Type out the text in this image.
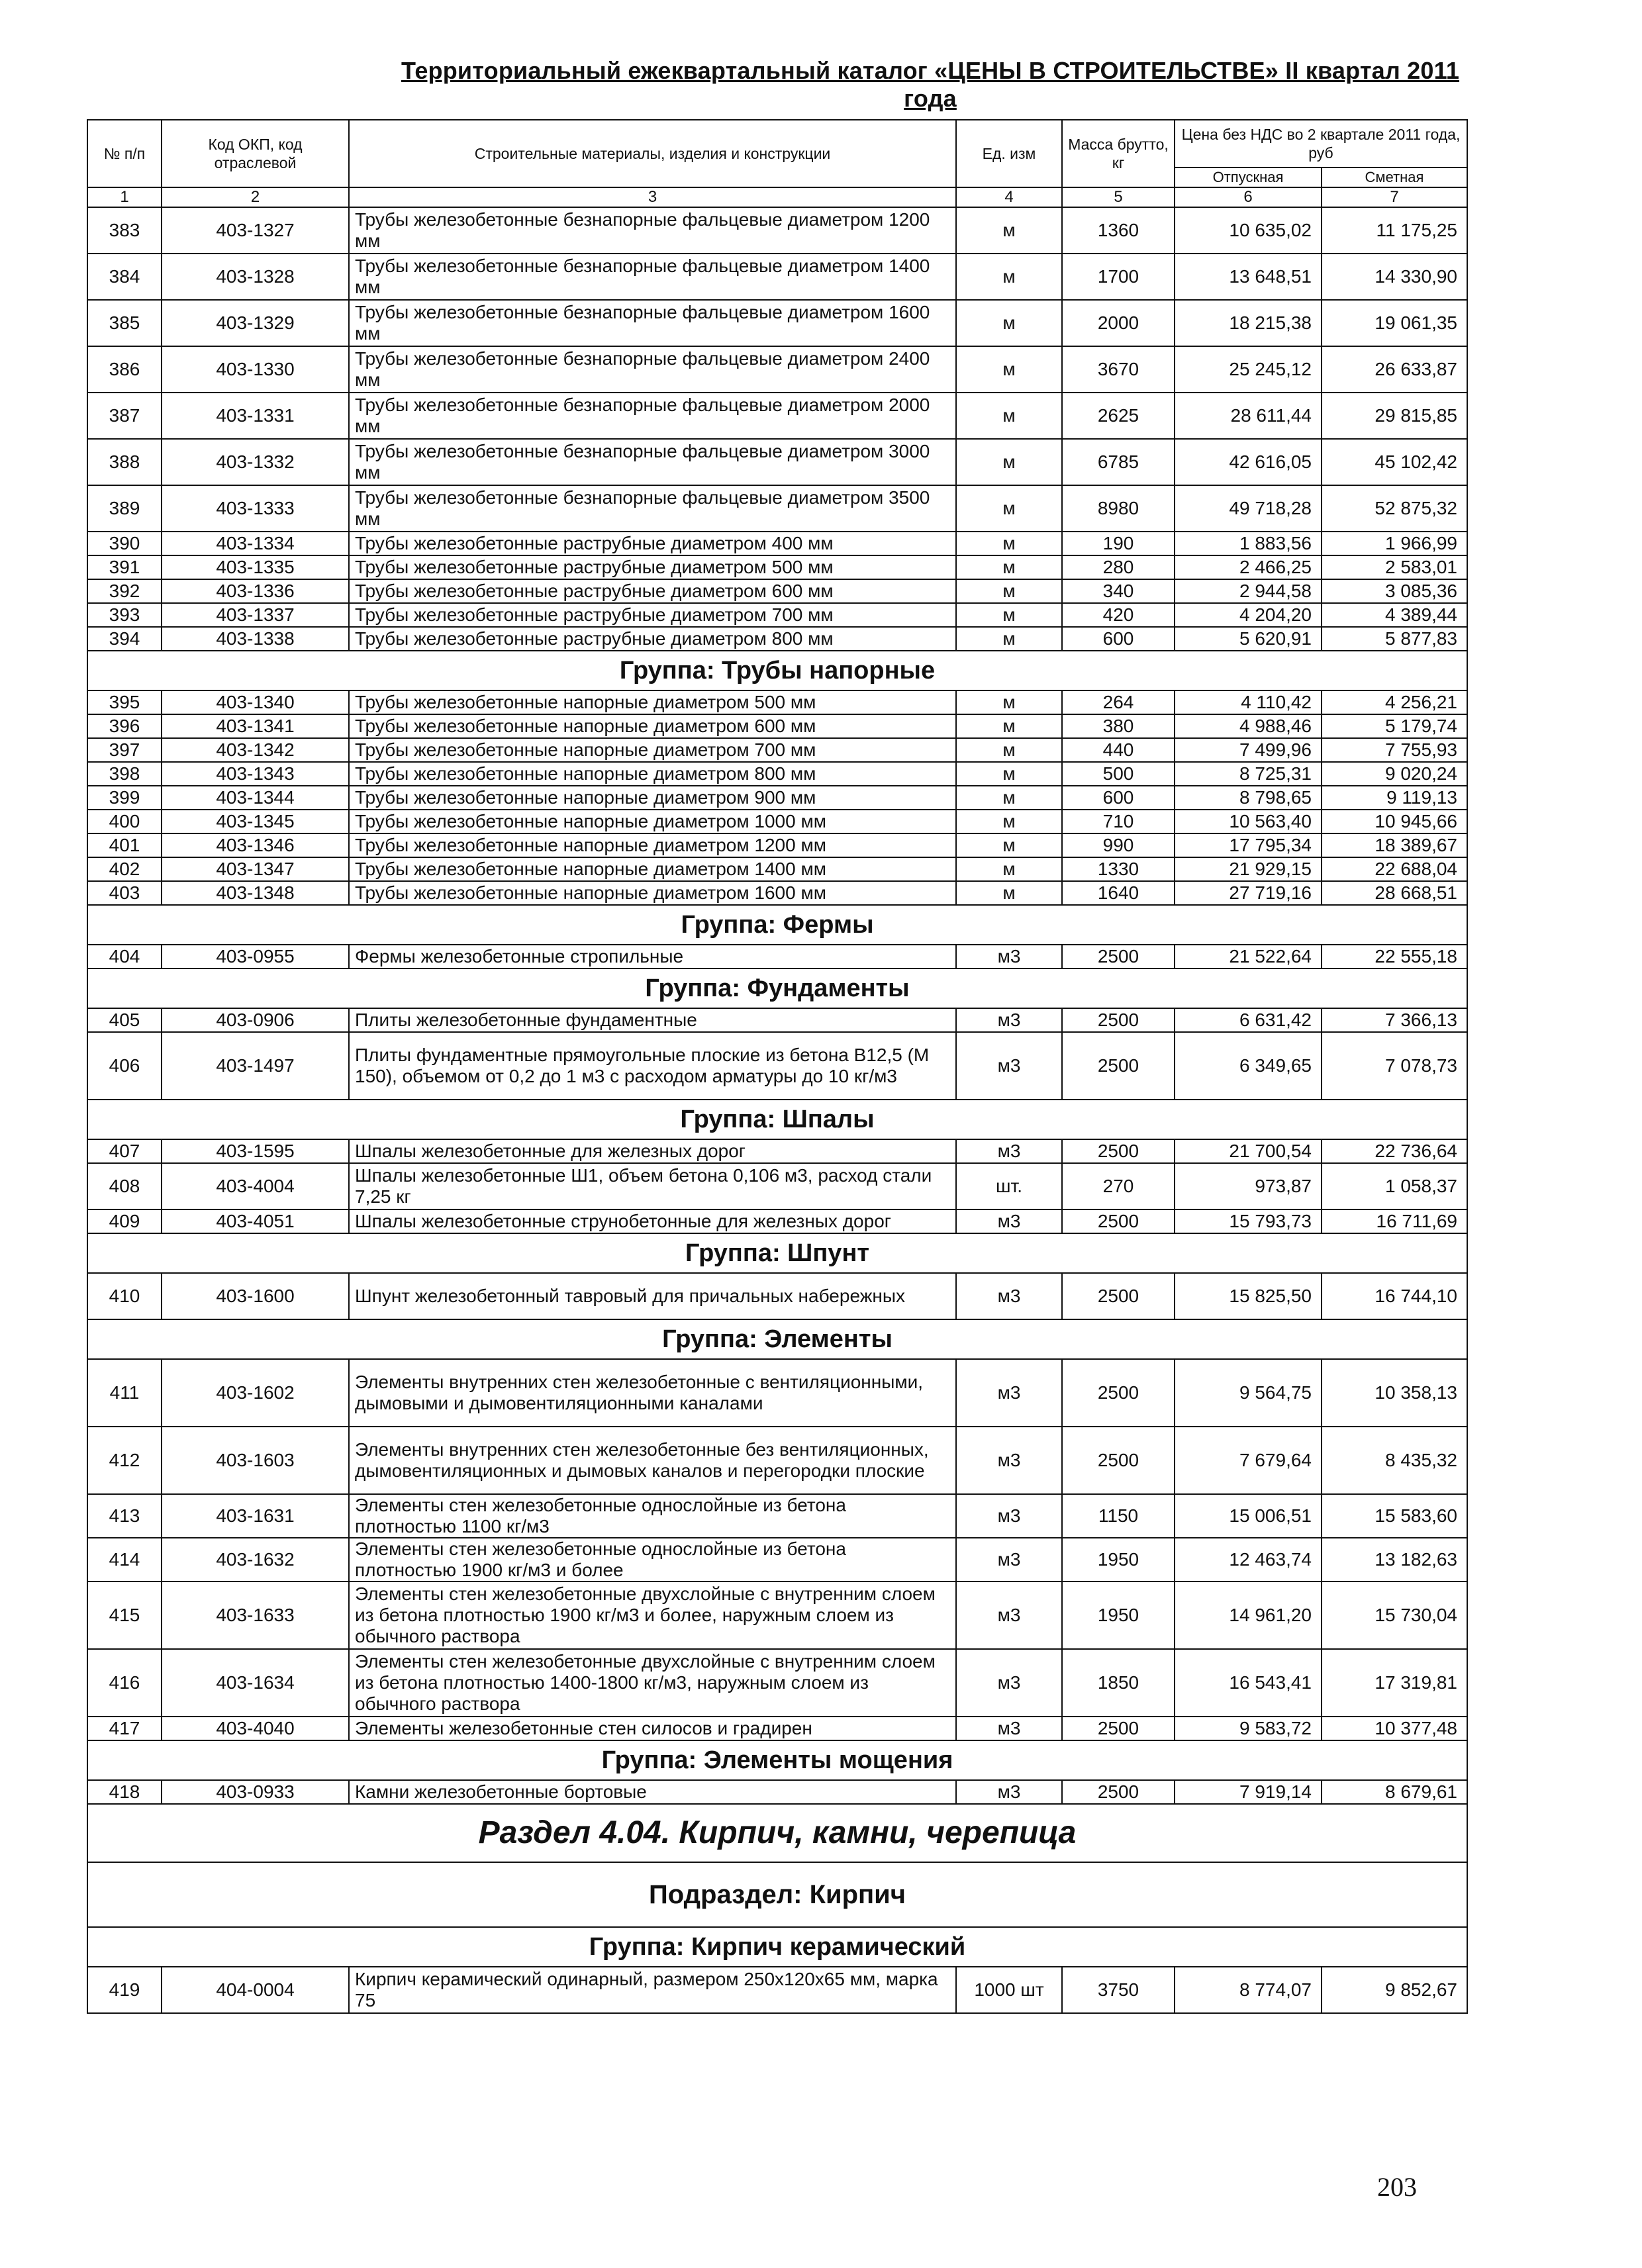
Территориальный ежеквартальный каталог «ЦЕНЫ В СТРОИТЕЛЬСТВЕ» II квартал 2011 года
№ п/п	Код ОКП, код отраслевой	Строительные материалы, изделия и конструкции	Ед. изм	Масса брутто, кг	Цена без НДС во 2 квартале 2011 года, руб	
					Отпускная	Сметная
1	2	3	4	5	6	7
383	403-1327	Трубы железобетонные безнапорные фальцевые диаметром 1200 мм	м	1360	10 635,02	11 175,25
384	403-1328	Трубы железобетонные безнапорные фальцевые диаметром 1400 мм	м	1700	13 648,51	14 330,90
385	403-1329	Трубы железобетонные безнапорные фальцевые диаметром 1600 мм	м	2000	18 215,38	19 061,35
386	403-1330	Трубы железобетонные безнапорные фальцевые диаметром 2400 мм	м	3670	25 245,12	26 633,87
387	403-1331	Трубы железобетонные безнапорные фальцевые диаметром 2000 мм	м	2625	28 611,44	29 815,85
388	403-1332	Трубы железобетонные безнапорные фальцевые диаметром 3000 мм	м	6785	42 616,05	45 102,42
389	403-1333	Трубы железобетонные безнапорные фальцевые диаметром 3500 мм	м	8980	49 718,28	52 875,32
390	403-1334	Трубы железобетонные раструбные диаметром 400 мм	м	190	1 883,56	1 966,99
391	403-1335	Трубы железобетонные раструбные диаметром 500 мм	м	280	2 466,25	2 583,01
392	403-1336	Трубы железобетонные раструбные диаметром 600 мм	м	340	2 944,58	3 085,36
393	403-1337	Трубы железобетонные раструбные диаметром 700 мм	м	420	4 204,20	4 389,44
394	403-1338	Трубы железобетонные раструбные диаметром 800 мм	м	600	5 620,91	5 877,83
Группа: Трубы напорные						
395	403-1340	Трубы железобетонные напорные диаметром 500 мм	м	264	4 110,42	4 256,21
396	403-1341	Трубы железобетонные напорные диаметром 600 мм	м	380	4 988,46	5 179,74
397	403-1342	Трубы железобетонные напорные диаметром 700 мм	м	440	7 499,96	7 755,93
398	403-1343	Трубы железобетонные напорные диаметром 800 мм	м	500	8 725,31	9 020,24
399	403-1344	Трубы железобетонные напорные диаметром 900 мм	м	600	8 798,65	9 119,13
400	403-1345	Трубы железобетонные напорные диаметром 1000 мм	м	710	10 563,40	10 945,66
401	403-1346	Трубы железобетонные напорные диаметром 1200 мм	м	990	17 795,34	18 389,67
402	403-1347	Трубы железобетонные напорные диаметром 1400 мм	м	1330	21 929,15	22 688,04
403	403-1348	Трубы железобетонные напорные диаметром 1600 мм	м	1640	27 719,16	28 668,51
Группа: Фермы						
404	403-0955	Фермы железобетонные стропильные	м3	2500	21 522,64	22 555,18
Группа: Фундаменты						
405	403-0906	Плиты железобетонные фундаментные	м3	2500	6 631,42	7 366,13
406	403-1497	Плиты фундаментные прямоугольные плоские из бетона В12,5 (М 150), объемом от 0,2 до 1 м3 с расходом арматуры до 10 кг/м3	м3	2500	6 349,65	7 078,73
Группа: Шпалы						
407	403-1595	Шпалы железобетонные для железных дорог	м3	2500	21 700,54	22 736,64
408	403-4004	Шпалы железобетонные Ш1, объем бетона 0,106 м3, расход стали 7,25 кг	шт.	270	973,87	1 058,37
409	403-4051	Шпалы железобетонные струнобетонные для железных дорог	м3	2500	15 793,73	16 711,69
Группа: Шпунт						
410	403-1600	Шпунт железобетонный тавровый для причальных набережных	м3	2500	15 825,50	16 744,10
Группа: Элементы						
411	403-1602	Элементы внутренних стен железобетонные с вентиляционными, дымовыми и дымовентиляционными каналами	м3	2500	9 564,75	10 358,13
412	403-1603	Элементы внутренних стен железобетонные без вентиляционных, дымовентиляционных и дымовых каналов и перегородки плоские	м3	2500	7 679,64	8 435,32
413	403-1631	Элементы стен железобетонные однослойные из бетона плотностью 1100 кг/м3	м3	1150	15 006,51	15 583,60
414	403-1632	Элементы стен железобетонные однослойные из бетона плотностью 1900 кг/м3 и более	м3	1950	12 463,74	13 182,63
415	403-1633	Элементы стен железобетонные двухслойные с внутренним слоем из бетона плотностью 1900 кг/м3 и более, наружным слоем из обычного раствора	м3	1950	14 961,20	15 730,04
416	403-1634	Элементы стен железобетонные двухслойные с внутренним слоем из бетона плотностью 1400-1800 кг/м3, наружным слоем из обычного раствора	м3	1850	16 543,41	17 319,81
417	403-4040	Элементы железобетонные стен силосов и градирен	м3	2500	9 583,72	10 377,48
Группа: Элементы мощения						
418	403-0933	Камни железобетонные бортовые	м3	2500	7 919,14	8 679,61
Раздел 4.04. Кирпич, камни, черепица						
Подраздел: Кирпич						
Группа: Кирпич керамический						
419	404-0004	Кирпич керамический одинарный, размером 250х120х65 мм, марка 75	1000 шт	3750	8 774,07	9 852,67
203
